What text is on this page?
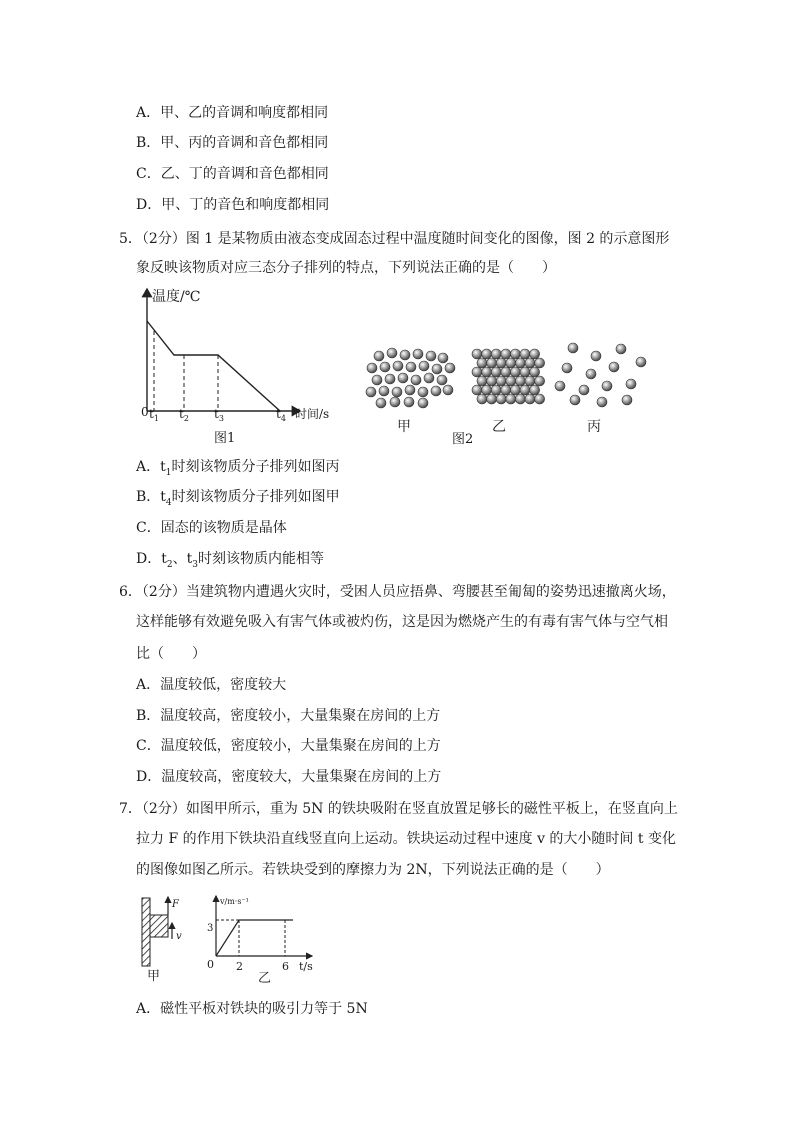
A．甲、乙的音调和响度都相同
B．甲、丙的音调和音色都相同
C．乙、丁的音调和音色都相同
D．甲、丁的音色和响度都相同
5．（2分）图 1 是某物质由液态变成固态过程中温度随时间变化的图像，图 2 的示意图形
象反映该物质对应三态分子排列的特点，下列说法正确的是（　　）
温度/℃
0 $t_1$ $t_2$ $t_3$	$t_4$ 时间/s
图1
甲
图2
乙	丙
A．$t_1$时刻该物质分子排列如图丙
B．$t_4$时刻该物质分子排列如图甲
C．固态的该物质是晶体
D．$t_2$、$t_3$时刻该物质内能相等
6．（2分）当建筑物内遭遇火灾时，受困人员应捂鼻、弯腰甚至匍匐的姿势迅速撤离火场，
这样能够有效避免吸入有害气体或被灼伤，这是因为燃烧产生的有毒有害气体与空气相
比（　　）
A．温度较低，密度较大
B．温度较高，密度较小，大量集聚在房间的上方
C．温度较低，密度较小，大量集聚在房间的上方
D．温度较高，密度较大，大量集聚在房间的上方
7．（2分）如图甲所示，重为 5N 的铁块吸附在竖直放置足够长的磁性平板上，在竖直向上
拉力 F 的作用下铁块沿直线竖直向上运动。铁块运动过程中速度 v 的大小随时间 t 变化
的图像如图乙所示。若铁块受到的摩擦力为 2N，下列说法正确的是（　　）
F
v
甲
v/m·s⁻¹
3
0 2	6 t/s
乙
A．磁性平板对铁块的吸引力等于 5N
